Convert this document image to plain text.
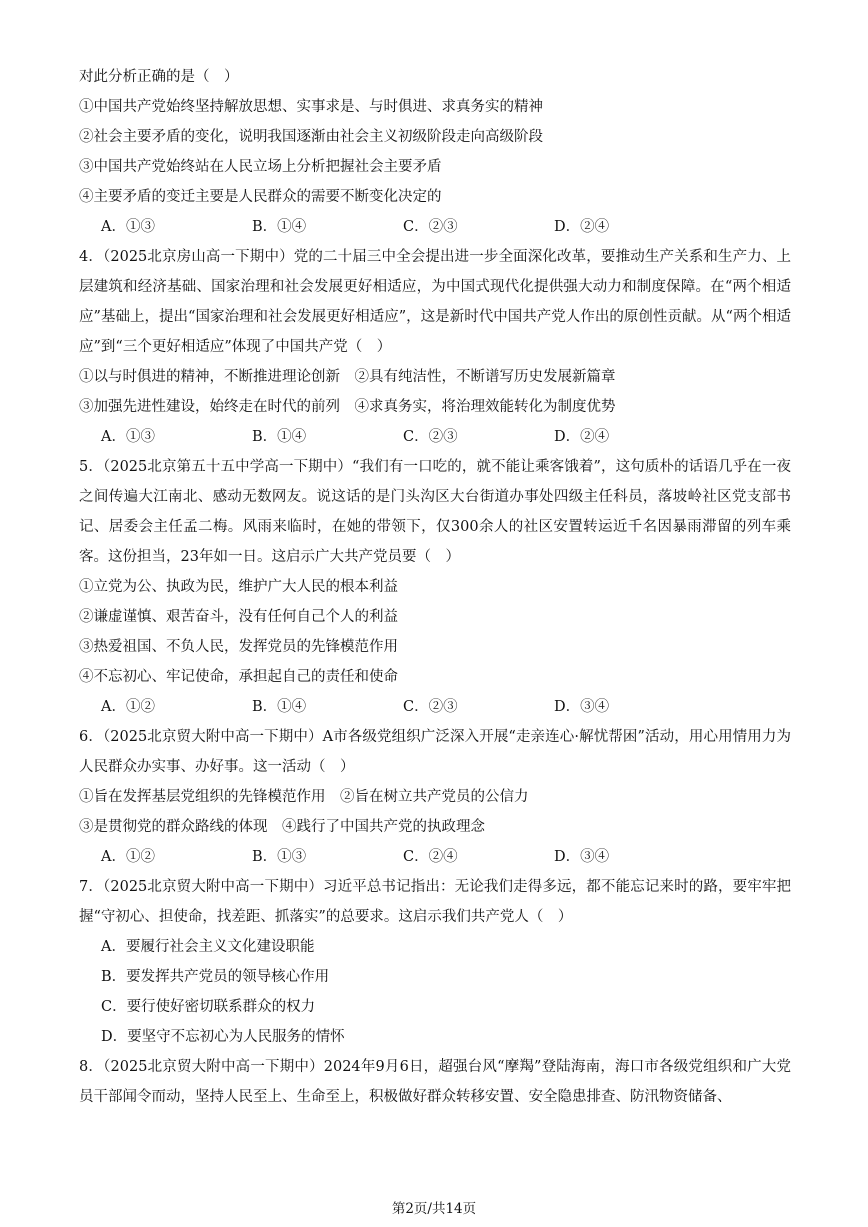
对此分析正确的是（　）
①中国共产党始终坚持解放思想、实事求是、与时俱进、求真务实的精神
②社会主要矛盾的变化，说明我国逐渐由社会主义初级阶段走向高级阶段
③中国共产党始终站在人民立场上分析把握社会主要矛盾
④主要矛盾的变迁主要是人民群众的需要不断变化决定的
A．①③	B．①④	C．②③	D．②④
4．（2025北京房山高一下期中）党的二十届三中全会提出进一步全面深化改革，要推动生产关系和生产力、上层建筑和经济基础、国家治理和社会发展更好相适应，为中国式现代化提供强大动力和制度保障。在“两个相适应”基础上，提出“国家治理和社会发展更好相适应”，这是新时代中国共产党人作出的原创性贡献。从“两个相适应”到“三个更好相适应”体现了中国共产党（　）
①以与时俱进的精神，不断推进理论创新　②具有纯洁性，不断谱写历史发展新篇章
③加强先进性建设，始终走在时代的前列　④求真务实，将治理效能转化为制度优势
A．①③	B．①④	C．②③	D．②④
5．（2025北京第五十五中学高一下期中）“我们有一口吃的，就不能让乘客饿着”，这句质朴的话语几乎在一夜之间传遍大江南北、感动无数网友。说这话的是门头沟区大台街道办事处四级主任科员，落坡岭社区党支部书记、居委会主任孟二梅。风雨来临时，在她的带领下，仅300余人的社区安置转运近千名因暴雨滞留的列车乘客。这份担当，23年如一日。这启示广大共产党员要（　）
①立党为公、执政为民，维护广大人民的根本利益
②谦虚谨慎、艰苦奋斗，没有任何自己个人的利益
③热爱祖国、不负人民，发挥党员的先锋模范作用
④不忘初心、牢记使命，承担起自己的责任和使命
A．①②	B．①④	C．②③	D．③④
6．（2025北京贸大附中高一下期中）A市各级党组织广泛深入开展“走亲连心·解忧帮困”活动，用心用情用力为人民群众办实事、办好事。这一活动（　）
①旨在发挥基层党组织的先锋模范作用　②旨在树立共产党员的公信力
③是贯彻党的群众路线的体现　④践行了中国共产党的执政理念
A．①②	B．①③	C．②④	D．③④
7．（2025北京贸大附中高一下期中）习近平总书记指出：无论我们走得多远，都不能忘记来时的路，要牢牢把握“守初心、担使命，找差距、抓落实”的总要求。这启示我们共产党人（　）
A．要履行社会主义文化建设职能
B．要发挥共产党员的领导核心作用
C．要行使好密切联系群众的权力
D．要坚守不忘初心为人民服务的情怀
8．（2025北京贸大附中高一下期中）2024年9月6日，超强台风“摩羯”登陆海南，海口市各级党组织和广大党员干部闻令而动，坚持人民至上、生命至上，积极做好群众转移安置、安全隐患排查、防汛物资储备、
第2页/共14页
